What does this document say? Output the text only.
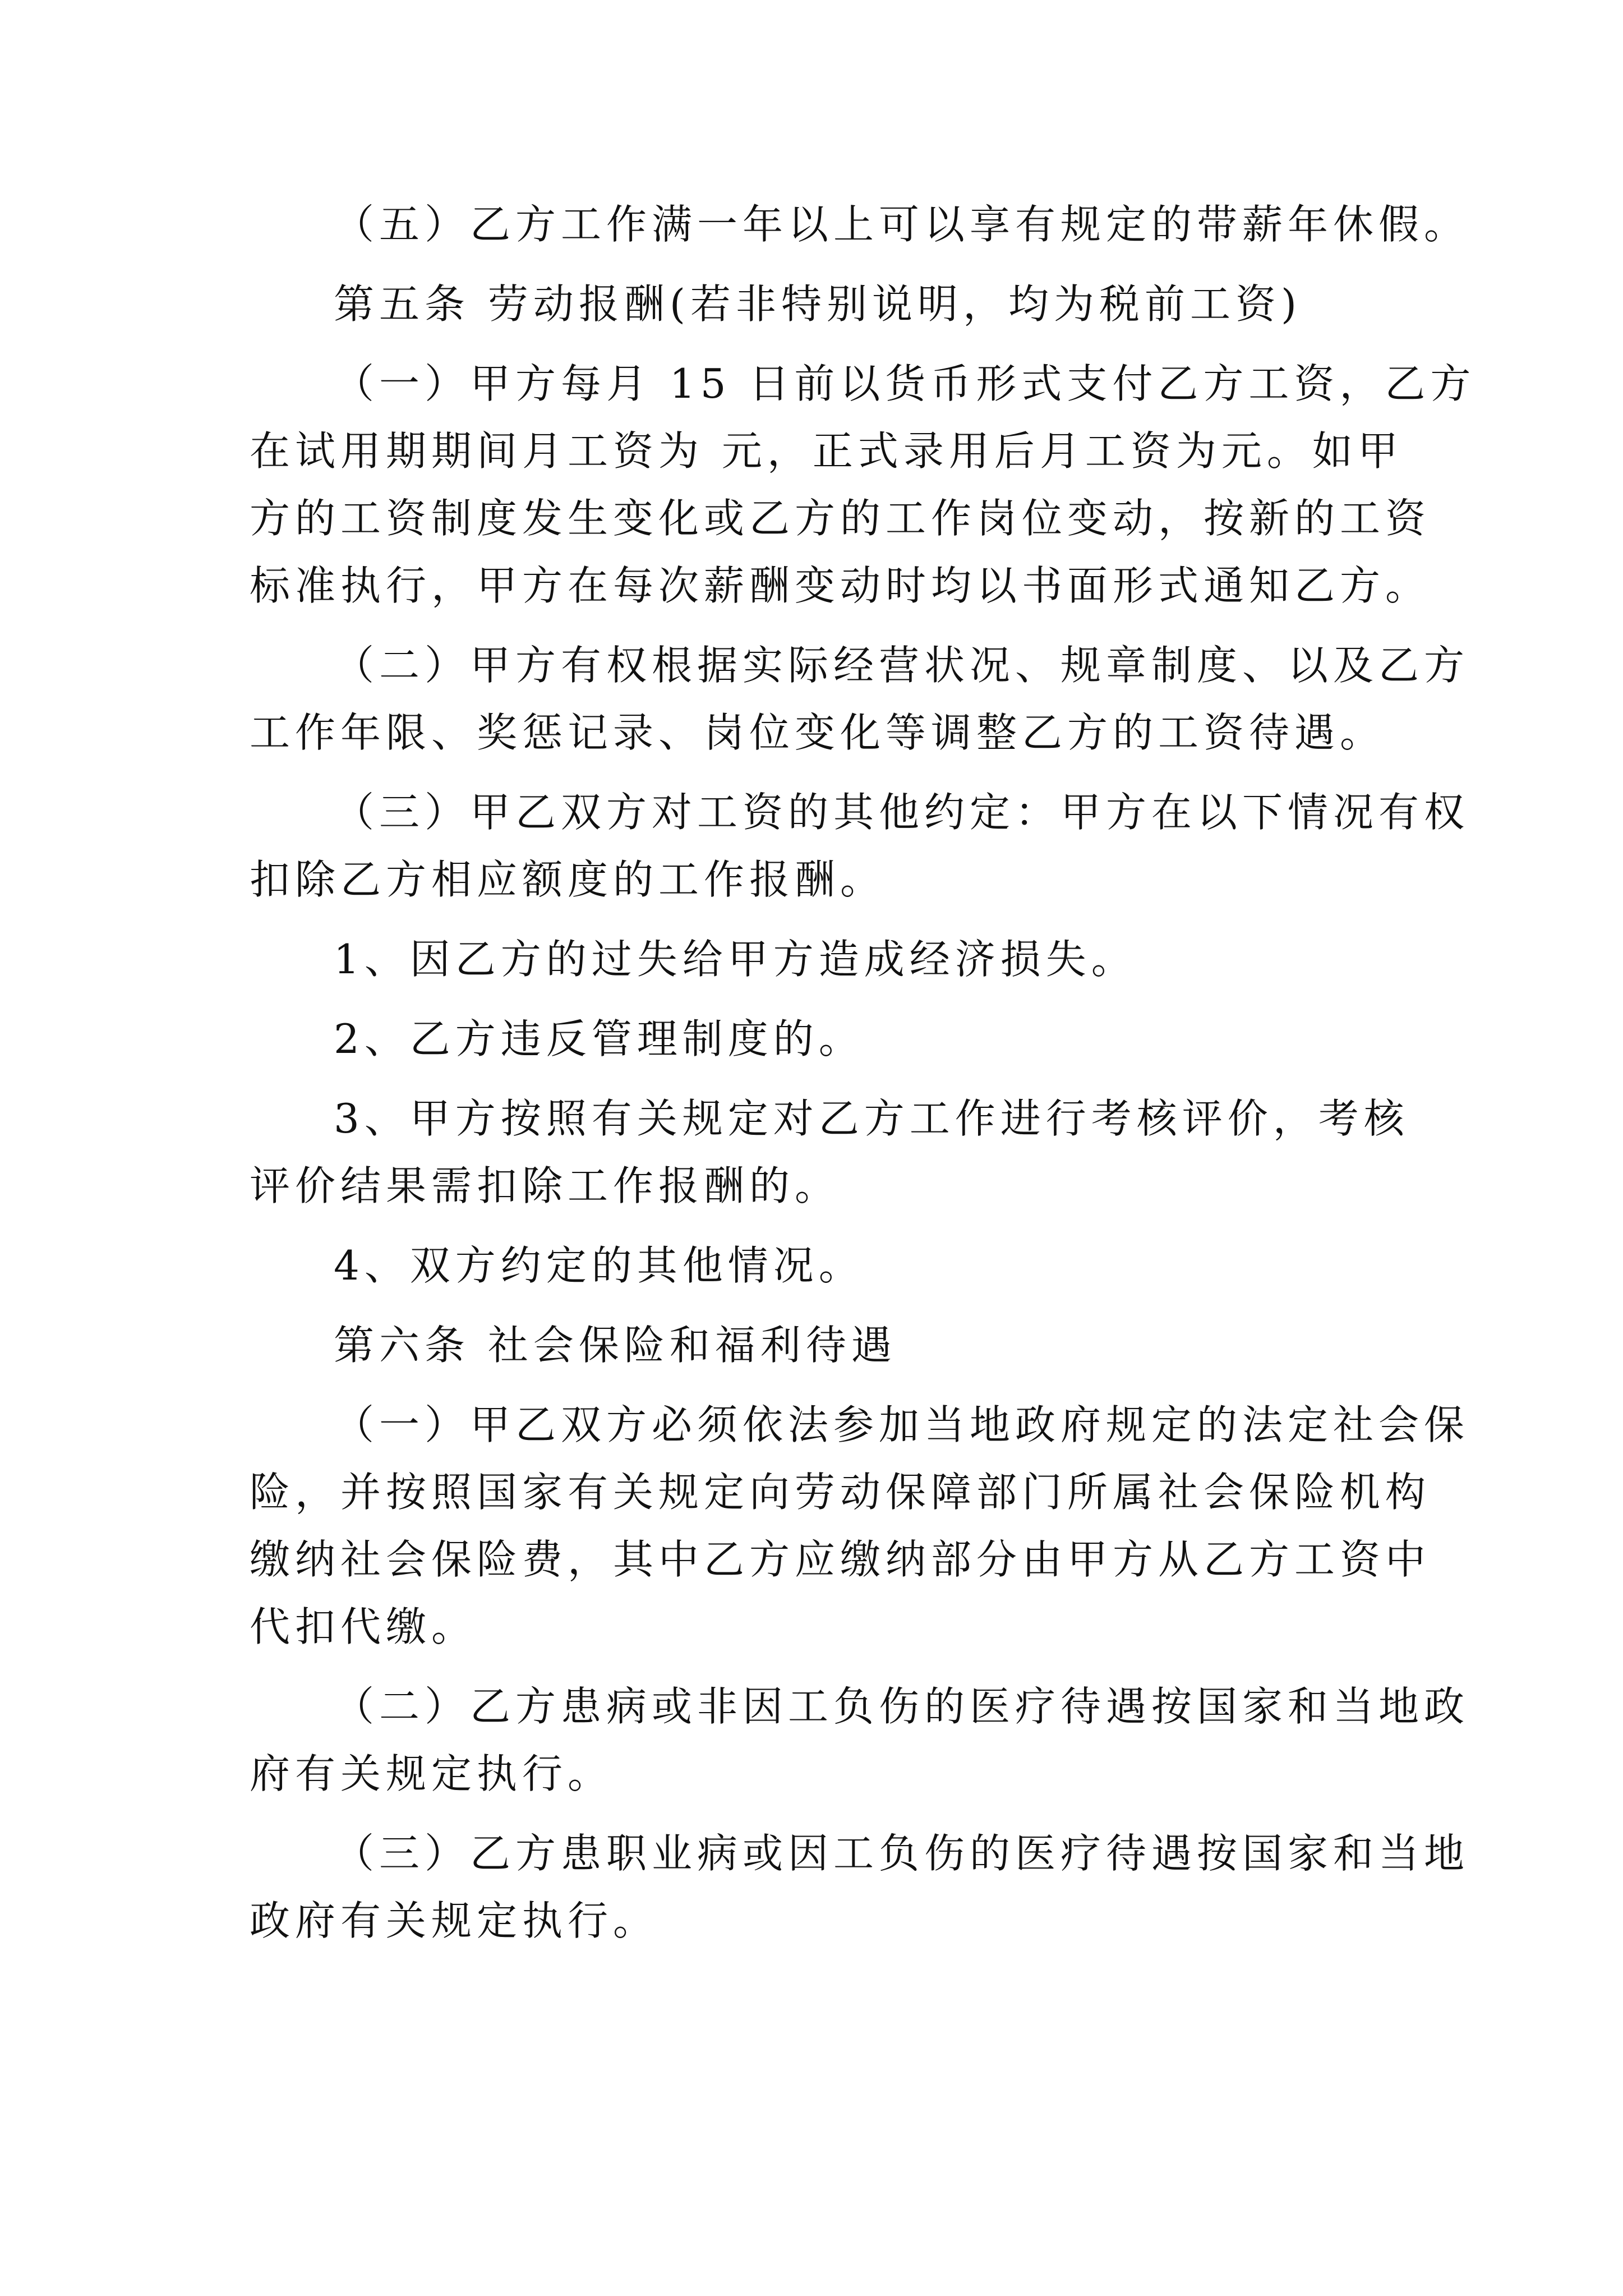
（五）乙方工作满一年以上可以享有规定的带薪年休假。
第五条 劳动报酬(若非特别说明，均为税前工资)
（一）甲方每月 15 日前以货币形式支付乙方工资，乙方
在试用期期间月工资为 元，正式录用后月工资为元。如甲
方的工资制度发生变化或乙方的工作岗位变动，按新的工资
标准执行，甲方在每次薪酬变动时均以书面形式通知乙方。
（二）甲方有权根据实际经营状况、规章制度、以及乙方
工作年限、奖惩记录、岗位变化等调整乙方的工资待遇。
（三）甲乙双方对工资的其他约定：甲方在以下情况有权
扣除乙方相应额度的工作报酬。
1、因乙方的过失给甲方造成经济损失。
2、乙方违反管理制度的。
3、甲方按照有关规定对乙方工作进行考核评价，考核
评价结果需扣除工作报酬的。
4、双方约定的其他情况。
第六条 社会保险和福利待遇
（一）甲乙双方必须依法参加当地政府规定的法定社会保
险，并按照国家有关规定向劳动保障部门所属社会保险机构
缴纳社会保险费，其中乙方应缴纳部分由甲方从乙方工资中
代扣代缴。
（二）乙方患病或非因工负伤的医疗待遇按国家和当地政
府有关规定执行。
（三）乙方患职业病或因工负伤的医疗待遇按国家和当地
政府有关规定执行。
